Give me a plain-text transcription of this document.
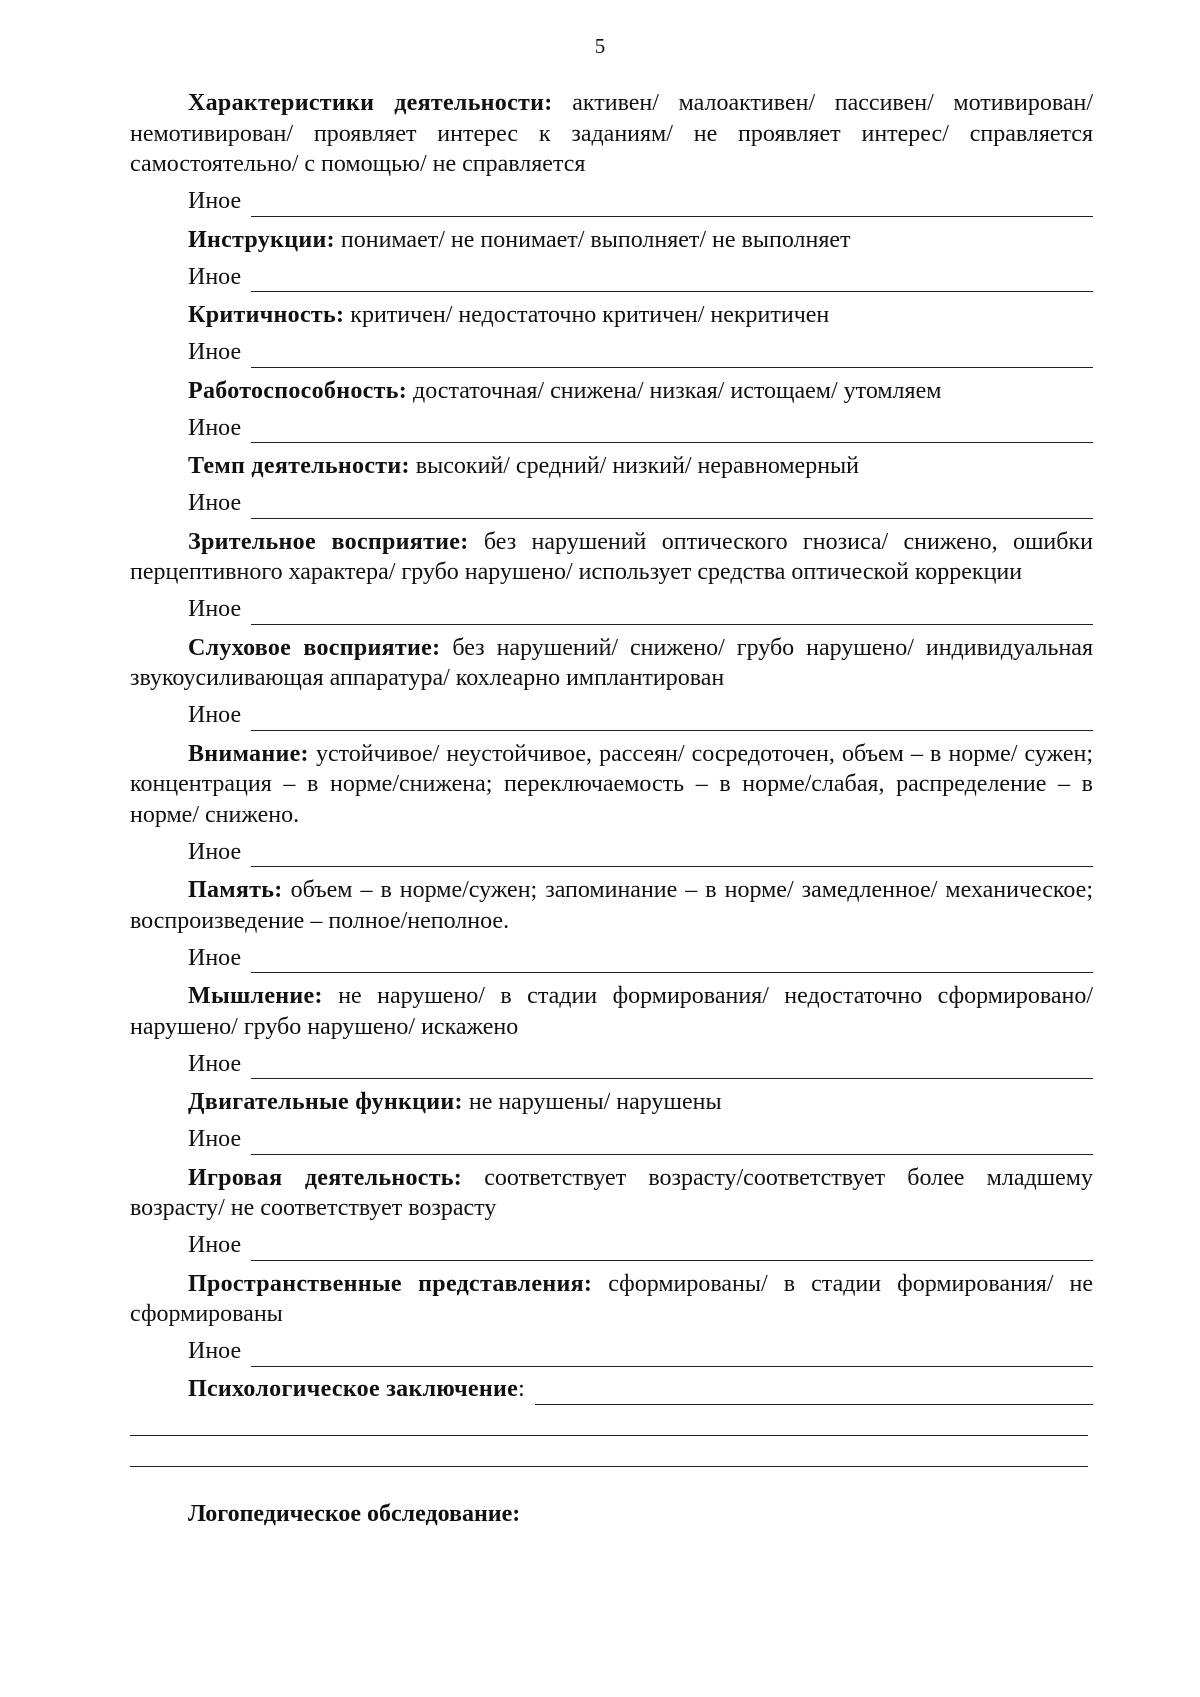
5

Характеристики деятельности: активен/ малоактивен/ пассивен/ мотивирован/ немотивирован/ проявляет интерес к заданиям/ не проявляет интерес/ справляется самостоятельно/ с помощью/ не справляется

Иное

Инструкции: понимает/ не понимает/ выполняет/ не выполняет

Иное

Критичность: критичен/ недостаточно критичен/ некритичен

Иное

Работоспособность: достаточная/ снижена/ низкая/ истощаем/ утомляем

Иное

Темп деятельности: высокий/ средний/ низкий/ неравномерный

Иное

Зрительное восприятие: без нарушений оптического гнозиса/ снижено, ошибки перцептивного характера/ грубо нарушено/ использует средства оптической коррекции

Иное

Слуховое восприятие: без нарушений/ снижено/ грубо нарушено/ индивидуальная звукоусиливающая аппаратура/ кохлеарно имплантирован

Иное

Внимание: устойчивое/ неустойчивое, рассеян/ сосредоточен, объем – в норме/ сужен; концентрация – в норме/снижена; переключаемость – в норме/слабая, распределение – в норме/ снижено.

Иное

Память: объем – в норме/сужен; запоминание – в норме/ замедленное/ механическое; воспроизведение – полное/неполное.

Иное

Мышление: не нарушено/ в стадии формирования/ недостаточно сформировано/ нарушено/ грубо нарушено/ искажено

Иное

Двигательные функции: не нарушены/ нарушены

Иное

Игровая деятельность: соответствует возрасту/соответствует более младшему возрасту/ не соответствует возрасту

Иное

Пространственные представления: сформированы/ в стадии формирования/ не сформированы

Иное
Психологическое заключение:
Логопедическое обследование:
